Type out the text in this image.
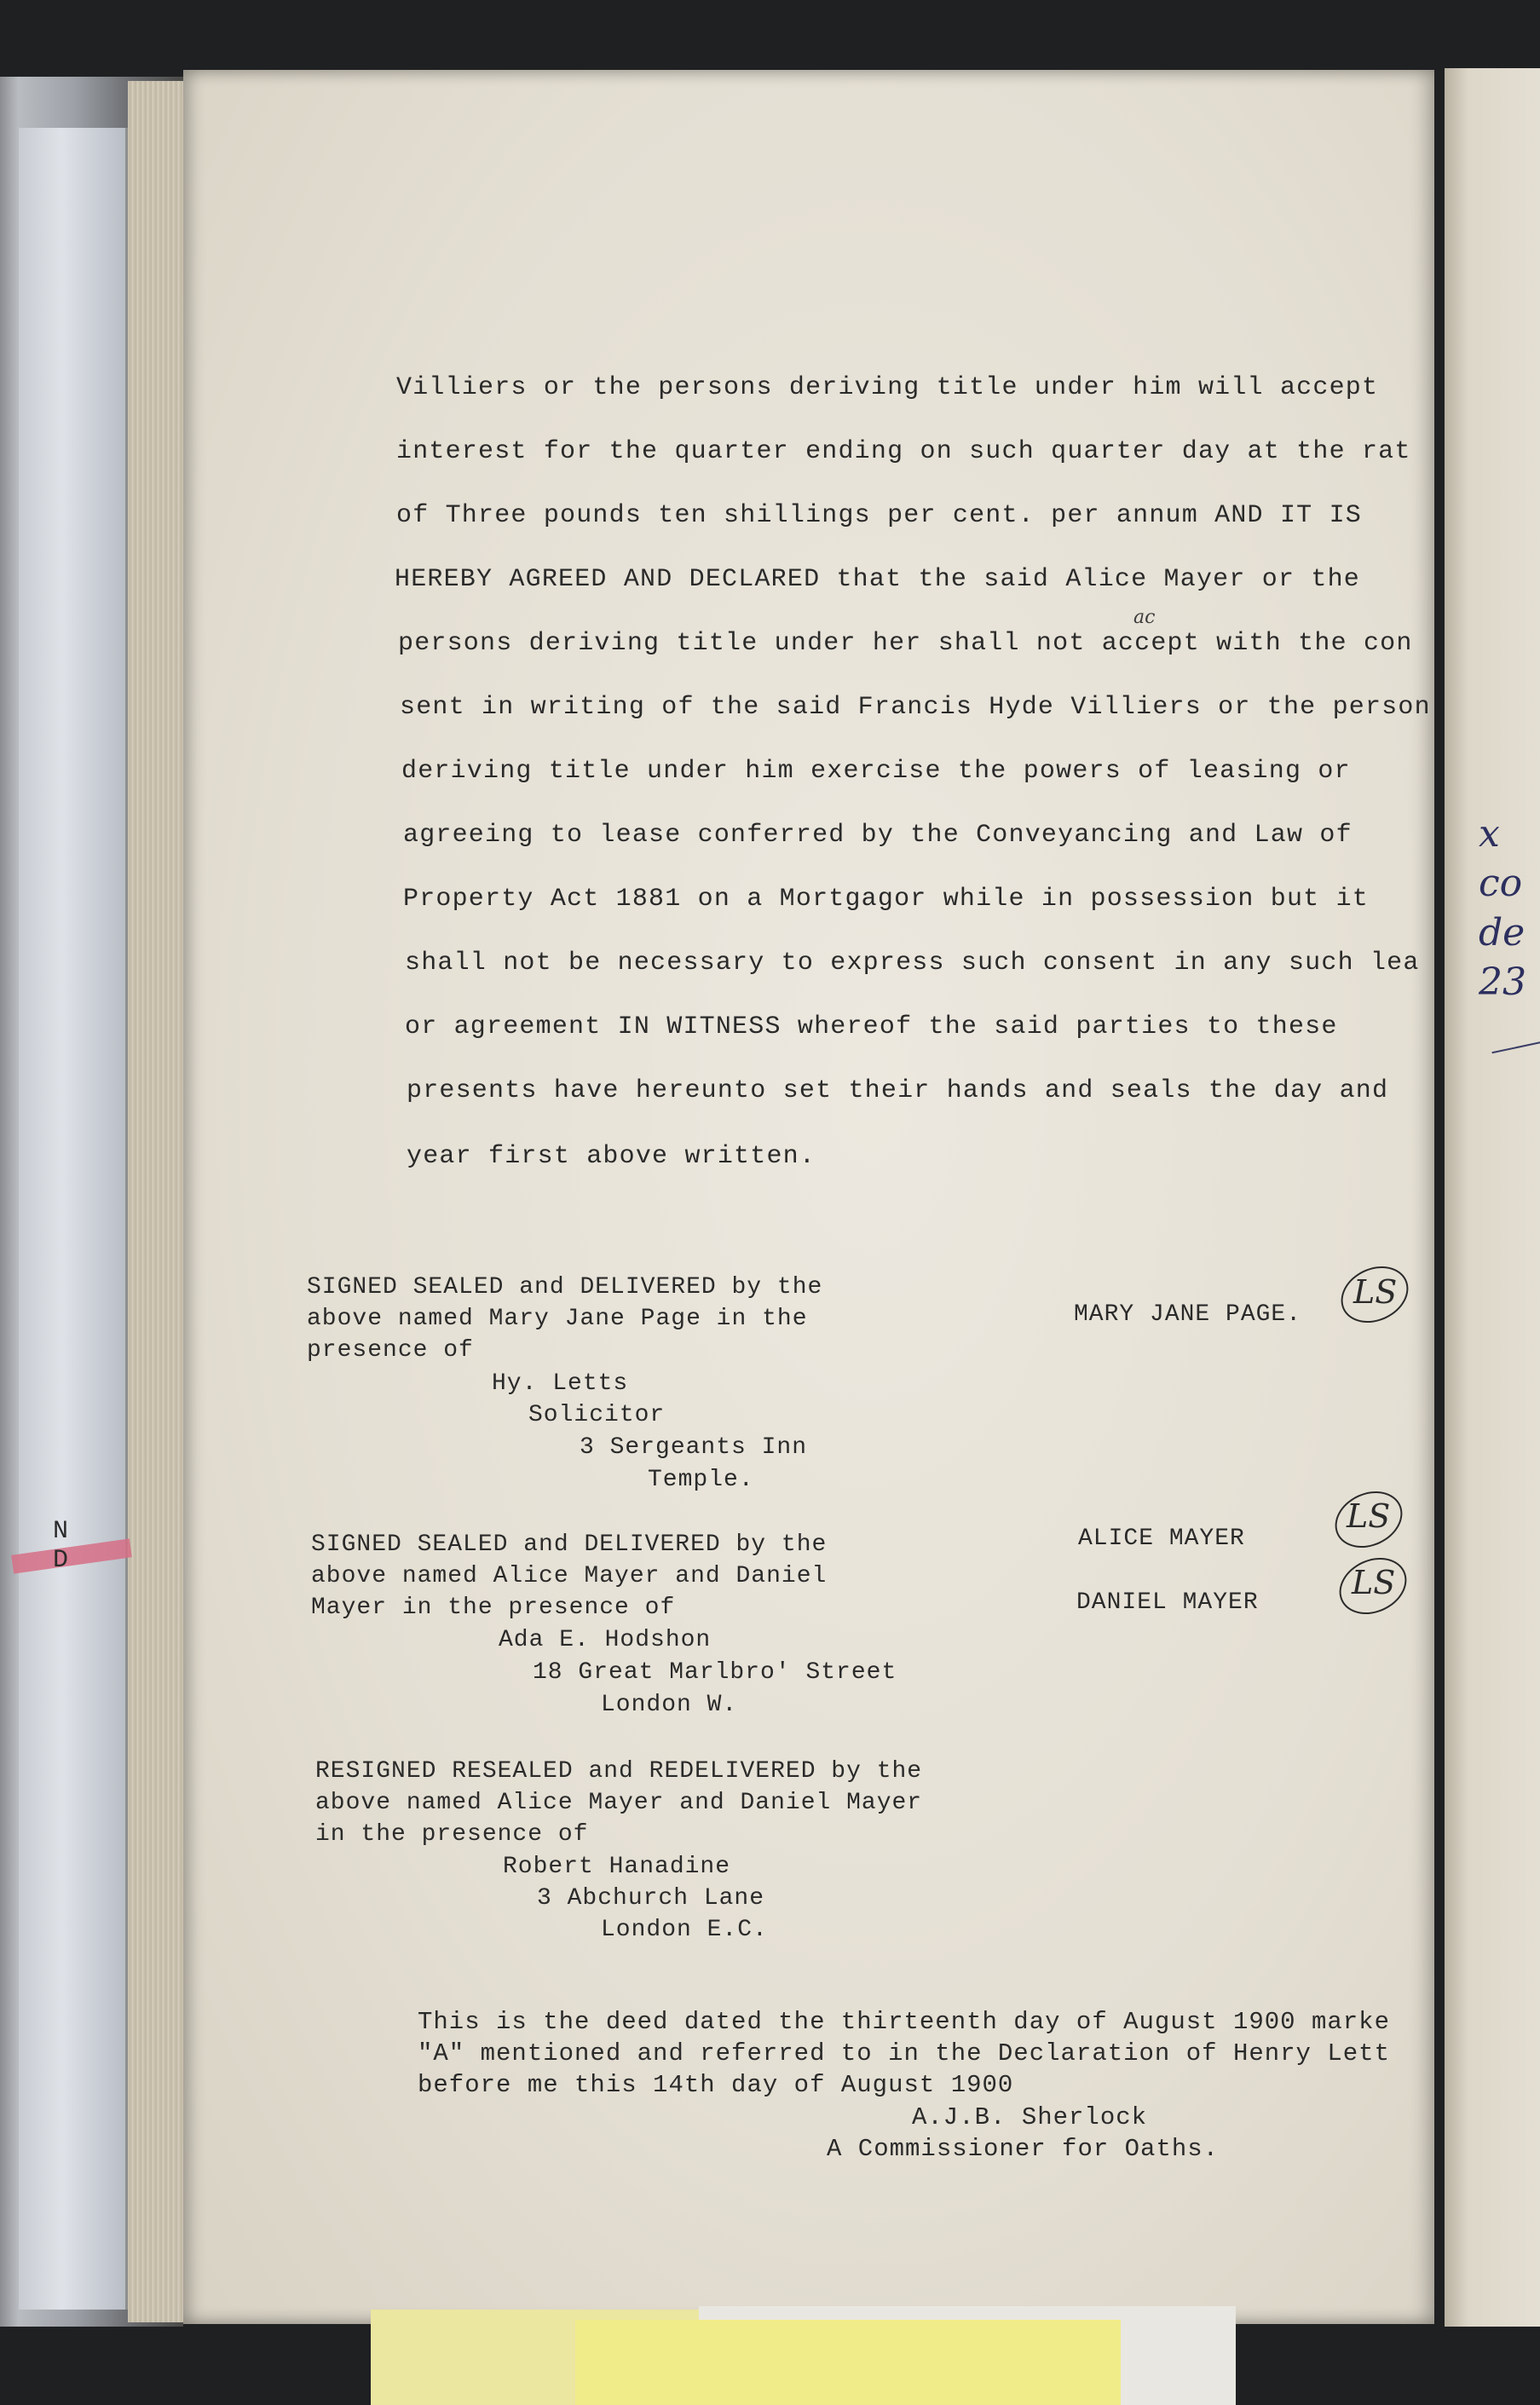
N
D
x
co
de
23
Villiers or the persons deriving title under him will accept
interest for the quarter ending on such quarter day at the rat
of Three pounds ten shillings per cent. per annum AND IT IS
HEREBY AGREED AND DECLARED that the said Alice Mayer or the
persons deriving title under her shall not accept with the con
ac
sent in writing of the said Francis Hyde Villiers or the person
deriving title under him exercise the powers of leasing or
agreeing to lease conferred by the Conveyancing and Law of
Property Act 1881 on a Mortgagor while in possession but it
shall not be necessary to express such consent in any such lea
or agreement IN WITNESS whereof the said parties to these
presents have hereunto set their hands and seals the day and
year first above written.
SIGNED SEALED and DELIVERED by the
above named Mary Jane Page in the
presence of
Hy. Letts
Solicitor
3 Sergeants Inn
Temple.
MARY JANE PAGE.
LS
SIGNED SEALED and DELIVERED by the
above named Alice Mayer and Daniel
Mayer in the presence of
Ada E. Hodshon
18 Great Marlbro' Street
London W.
ALICE MAYER
DANIEL MAYER
LS
LS
RESIGNED RESEALED and REDELIVERED by the
above named Alice Mayer and Daniel Mayer
in the presence of
Robert Hanadine
3 Abchurch Lane
London E.C.
This is the deed dated the thirteenth day of August 1900 marke
"A" mentioned and referred to in the Declaration of Henry Lett
before me this 14th day of August 1900
A.J.B. Sherlock
A Commissioner for Oaths.
